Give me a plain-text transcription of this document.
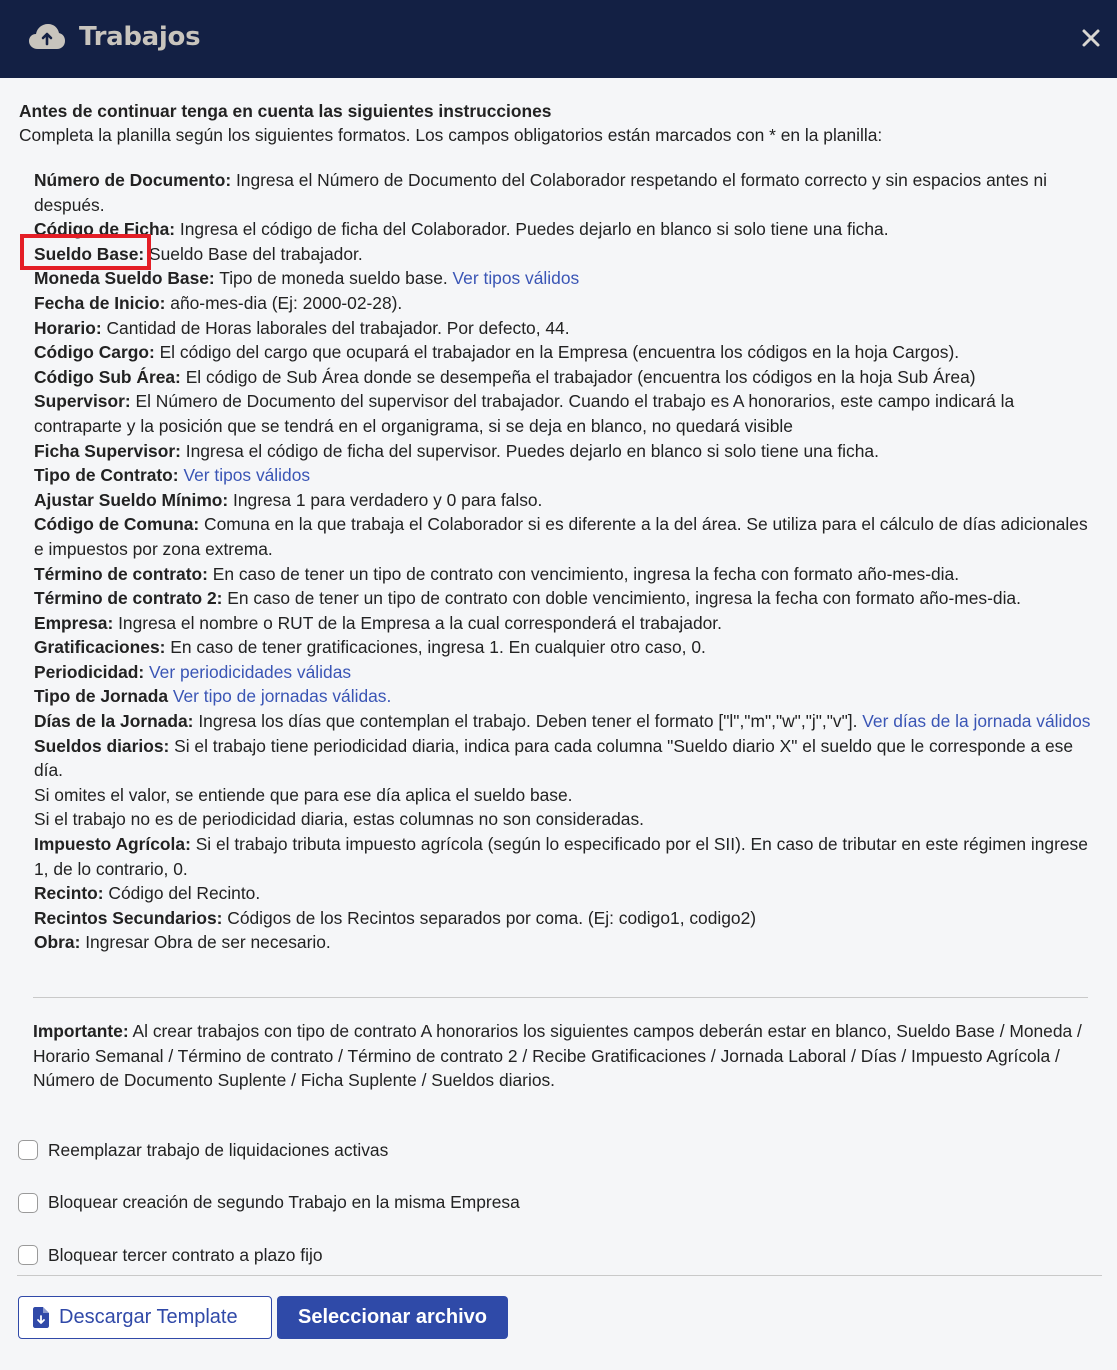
Trabajos
Antes de continuar tenga en cuenta las siguientes instrucciones
Completa la planilla según los siguientes formatos. Los campos obligatorios están marcados con * en la planilla:
Número de Documento: Ingresa el Número de Documento del Colaborador respetando el formato correcto y sin espacios antes ni después.
Código de Ficha: Ingresa el código de ficha del Colaborador. Puedes dejarlo en blanco si solo tiene una ficha.
Sueldo Base: Sueldo Base del trabajador.
Moneda Sueldo Base: Tipo de moneda sueldo base. Ver tipos válidos
Fecha de Inicio: año-mes-dia (Ej: 2000-02-28).
Horario: Cantidad de Horas laborales del trabajador. Por defecto, 44.
Código Cargo: El código del cargo que ocupará el trabajador en la Empresa (encuentra los códigos en la hoja Cargos).
Código Sub Área: El código de Sub Área donde se desempeña el trabajador (encuentra los códigos en la hoja Sub Área)
Supervisor: El Número de Documento del supervisor del trabajador. Cuando el trabajo es A honorarios, este campo indicará la contraparte y la posición que se tendrá en el organigrama, si se deja en blanco, no quedará visible
Ficha Supervisor: Ingresa el código de ficha del supervisor. Puedes dejarlo en blanco si solo tiene una ficha.
Tipo de Contrato: Ver tipos válidos
Ajustar Sueldo Mínimo: Ingresa 1 para verdadero y 0 para falso.
Código de Comuna: Comuna en la que trabaja el Colaborador si es diferente a la del área. Se utiliza para el cálculo de días adicionales e impuestos por zona extrema.
Término de contrato: En caso de tener un tipo de contrato con vencimiento, ingresa la fecha con formato año-mes-dia.
Término de contrato 2: En caso de tener un tipo de contrato con doble vencimiento, ingresa la fecha con formato año-mes-dia.
Empresa: Ingresa el nombre o RUT de la Empresa a la cual corresponderá el trabajador.
Gratificaciones: En caso de tener gratificaciones, ingresa 1. En cualquier otro caso, 0.
Periodicidad: Ver periodicidades válidas
Tipo de Jornada Ver tipo de jornadas válidas.
Días de la Jornada: Ingresa los días que contemplan el trabajo. Deben tener el formato ["l","m","w","j","v"]. Ver días de la jornada válidos
Sueldos diarios: Si el trabajo tiene periodicidad diaria, indica para cada columna "Sueldo diario X" el sueldo que le corresponde a ese día.
Si omites el valor, se entiende que para ese día aplica el sueldo base.
Si el trabajo no es de periodicidad diaria, estas columnas no son consideradas.
Impuesto Agrícola: Si el trabajo tributa impuesto agrícola (según lo especificado por el SII). En caso de tributar en este régimen ingrese 1, de lo contrario, 0.
Recinto: Código del Recinto.
Recintos Secundarios: Códigos de los Recintos separados por coma. (Ej: codigo1, codigo2)
Obra: Ingresar Obra de ser necesario.
Importante: Al crear trabajos con tipo de contrato A honorarios los siguientes campos deberán estar en blanco, Sueldo Base / Moneda / Horario Semanal / Término de contrato / Término de contrato 2 / Recibe Gratificaciones / Jornada Laboral / Días / Impuesto Agrícola / Número de Documento Suplente / Ficha Suplente / Sueldos diarios.
Reemplazar trabajo de liquidaciones activas
Bloquear creación de segundo Trabajo en la misma Empresa
Bloquear tercer contrato a plazo fijo
Descargar Template	Seleccionar archivo
